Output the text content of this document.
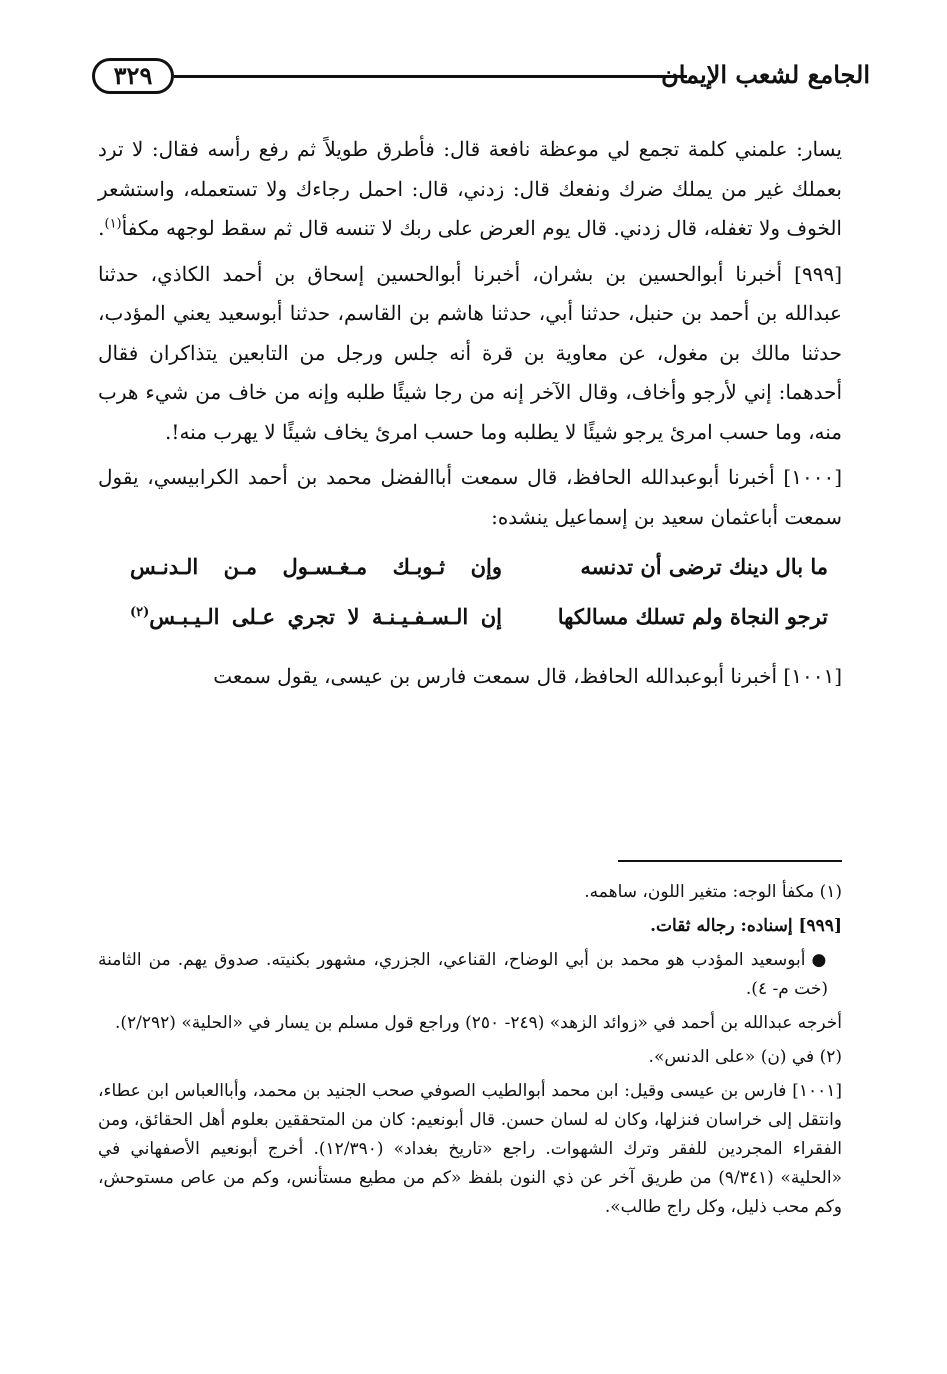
٣٢٩	الجامع لشعب الإيمان

يسار: علمني كلمة تجمع لي موعظة نافعة قال: فأطرق طويلاً ثم رفع رأسه فقال: لا ترد بعملك غير من يملك ضرك ونفعك قال: زدني، قال: احمل رجاءك ولا تستعمله، واستشعر الخوف ولا تغفله، قال زدني. قال يوم العرض على ربك لا تنسه قال ثم سقط لوجهه مكفأ$^{(١)}$.

[٩٩٩] أخبرنا أبوالحسين بن بشران، أخبرنا أبوالحسين إسحاق بن أحمد الكاذي، حدثنا عبدالله بن أحمد بن حنبل، حدثنا أبي، حدثنا هاشم بن القاسم، حدثنا أبوسعيد يعني المؤدب، حدثنا مالك بن مغول، عن معاوية بن قرة أنه جلس ورجل من التابعين يتذاكران فقال أحدهما: إني لأرجو وأخاف، وقال الآخر إنه من رجا شيئًا طلبه وإنه من خاف من شيء هرب منه، وما حسب امرئ يرجو شيئًا لا يطلبه وما حسب امرئ يخاف شيئًا لا يهرب منه!.

[١٠٠٠] أخبرنا أبوعبدالله الحافظ، قال سمعت أباالفضل محمد بن أحمد الكرابيسي، يقول سمعت أباعثمان سعيد بن إسماعيل ينشده:

ما بال دينك ترضى أن تدنسه
وإن ثـوبـك مـغـسـول مـن الـدنـس
ترجو النجاة ولم تسلك مسالكها
إن الـسـفـيـنـة لا تجري عـلى الـيـبـس$^{(٢)}$

[١٠٠١] أخبرنا أبوعبدالله الحافظ، قال سمعت فارس بن عيسى، يقول سمعت

(١) مكفأ الوجه: متغير اللون، ساهمه.

[٩٩٩] إسناده: رجاله ثقات.

●أبوسعيد المؤدب هو محمد بن أبي الوضاح، القناعي، الجزري، مشهور بكنيته. صدوق يهم. من الثامنة (خت م- ٤).

أخرجه عبدالله بن أحمد في «زوائد الزهد» (٢٤٩- ٢٥٠) وراجع قول مسلم بن يسار في «الحلية» (٢/٢٩٢).

(٢) في (ن) «على الدنس».

[١٠٠١] فارس بن عيسى وقيل: ابن محمد أبوالطيب الصوفي صحب الجنيد بن محمد، وأباالعباس ابن عطاء، وانتقل إلى خراسان فنزلها، وكان له لسان حسن. قال أبونعيم: كان من المتحققين بعلوم أهل الحقائق، ومن الفقراء المجردين للفقر وترك الشهوات. راجع «تاريخ بغداد» (١٢/٣٩٠). أخرج أبونعيم الأصفهاني في «الحلية» (٩/٣٤١) من طريق آخر عن ذي النون بلفظ «كم من مطيع مستأنس، وكم من عاص مستوحش، وكم محب ذليل، وكل راج طالب».
